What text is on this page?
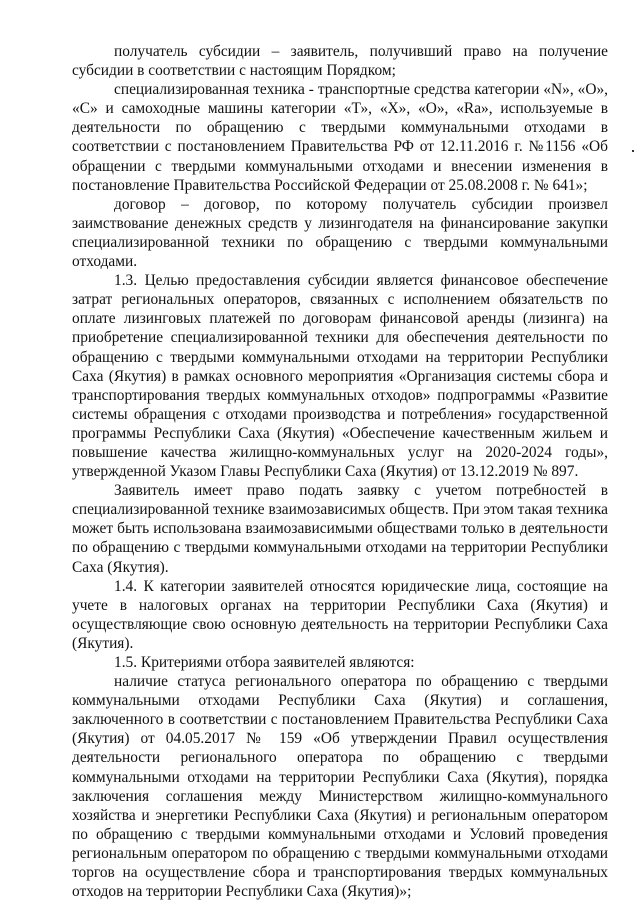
получатель субсидии – заявитель, получивший право на получение субсидии в соответствии с настоящим Порядком;

специализированная техника - транспортные средства категории «N», «O», «С» и самоходные машины категории «Т», «X», «О», «Ra», используемые в деятельности по обращению с твердыми коммунальными отходами в соответствии с постановлением Правительства РФ от 12.11.2016 г. №1156 «Об обращении с твердыми коммунальными отходами и внесении изменения в постановление Правительства Российской Федерации от 25.08.2008 г. № 641»;

договор – договор, по которому получатель субсидии произвел заимствование денежных средств у лизингодателя на финансирование закупки специализированной техники по обращению с твердыми коммунальными отходами.

1.3. Целью предоставления субсидии является финансовое обеспечение затрат региональных операторов, связанных с исполнением обязательств по оплате лизинговых платежей по договорам финансовой аренды (лизинга) на приобретение специализированной техники для обеспечения деятельности по обращению с твердыми коммунальными отходами на территории Республики Саха (Якутия) в рамках основного мероприятия «Организация системы сбора и транспортирования твердых коммунальных отходов» подпрограммы «Развитие системы обращения с отходами производства и потребления» государственной программы Республики Саха (Якутия) «Обеспечение качественным жильем и повышение качества жилищно-коммунальных услуг на 2020-2024 годы», утвержденной Указом Главы Республики Саха (Якутия) от 13.12.2019 № 897.

Заявитель имеет право подать заявку с учетом потребностей в специализированной технике взаимозависимых обществ. При этом такая техника может быть использована взаимозависимыми обществами только в деятельности по обращению с твердыми коммунальными отходами на территории Республики Саха (Якутия).

1.4. К категории заявителей относятся юридические лица, состоящие на учете в налоговых органах на территории Республики Саха (Якутия) и осуществляющие свою основную деятельность на территории Республики Саха (Якутия).

1.5. Критериями отбора заявителей являются:

наличие статуса регионального оператора по обращению с твердыми коммунальными отходами Республики Саха (Якутия) и соглашения, заключенного в соответствии с постановлением Правительства Республики Саха (Якутия) от 04.05.2017 № 159 «Об утверждении Правил осуществления деятельности регионального оператора по обращению с твердыми коммунальными отходами на территории Республики Саха (Якутия), порядка заключения соглашения между Министерством жилищно-коммунального хозяйства и энергетики Республики Саха (Якутия) и региональным оператором по обращению с твердыми коммунальными отходами и Условий проведения региональным оператором по обращению с твердыми коммунальными отходами торгов на осуществление сбора и транспортирования твердых коммунальных отходов на территории Республики Саха (Якутия)»;
